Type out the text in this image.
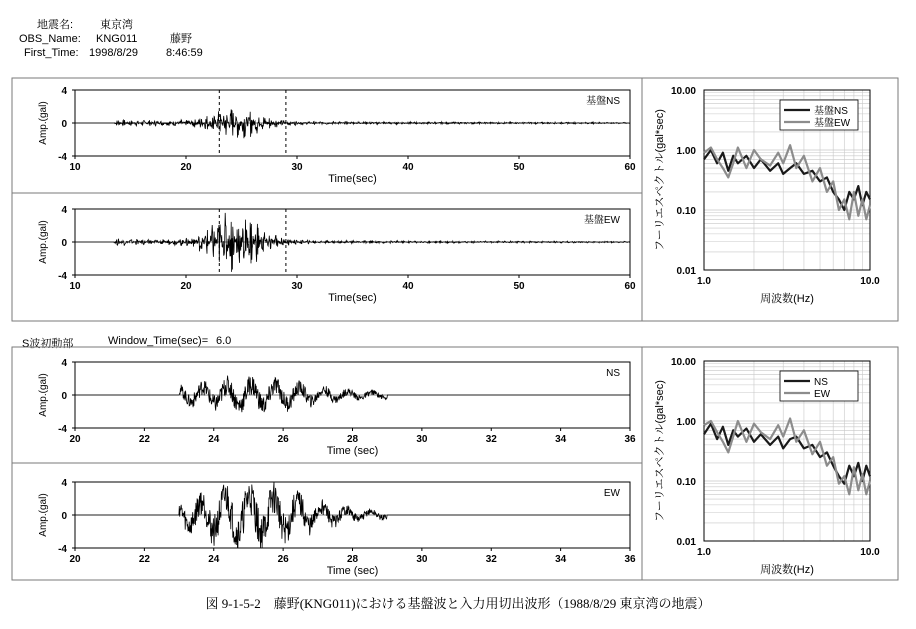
地震名: 東京湾
OBS_Name: KNG011	藤野
First_Time: 1998/8/29	8:46:59
S波初動部	Window_Time(sec)= 6.0
10	20	30	40	50	60
-4
0
4
Time(sec)
Amp.(gal)	基盤NS
10	20	30	40	50	60
-4
0
4
Time(sec)
Amp.(gal)	基盤EW
1.0	10.0
0.01
0.10
1.00
10.00
周波数(Hz)
フーリエスペクトル(gal*sec)	基盤NS
基盤EW
20	22	24	26	28	30	32	34	36
-4
0
4
Time (sec)
Amp.(gal)	NS
20	22	24	26	28	30	32	34	36
-4
0
4
Time (sec)
Amp.(gal)	EW
1.0	10.0
0.01
0.10
1.00
10.00
周波数(Hz)
フーリエスペクトル(gal*sec)	NS
EW
図 9-1-5-2　藤野(KNG011)における基盤波と入力用切出波形（1988/8/29 東京湾の地震）
